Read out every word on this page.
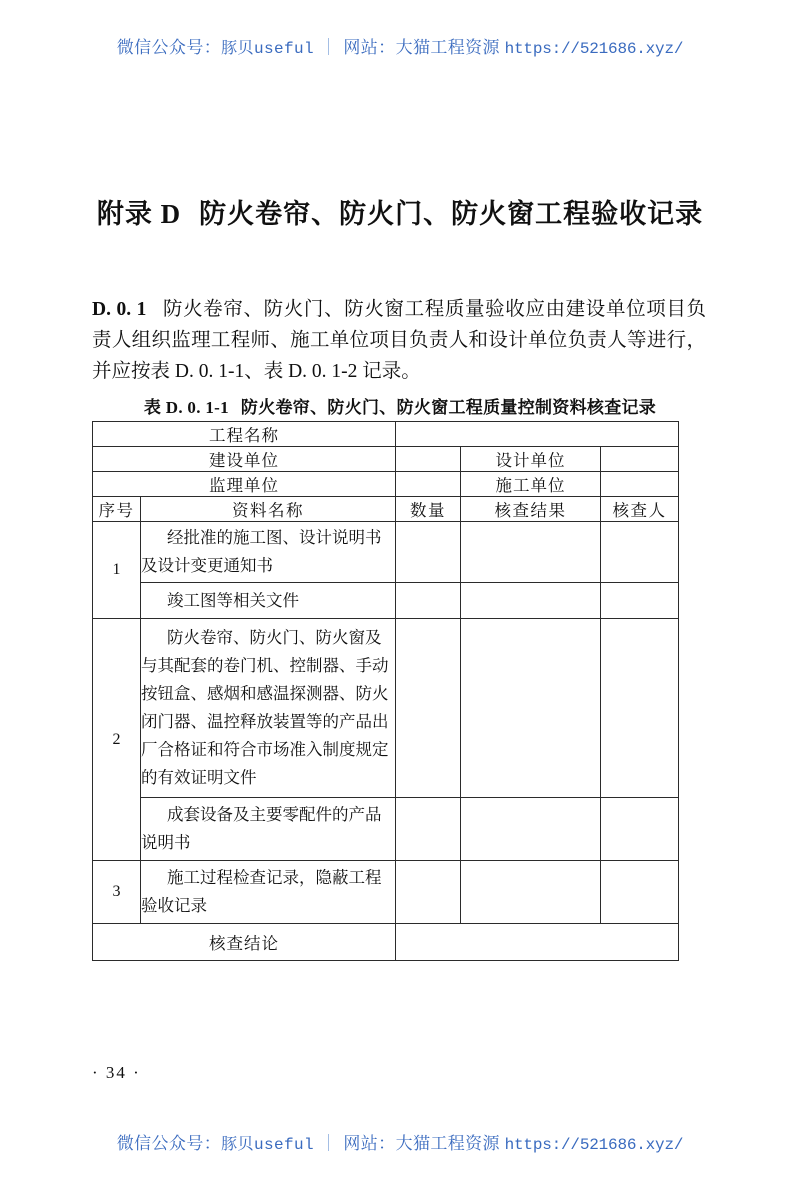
微信公众号：豚贝useful ｜ 网站：大猫工程资源 https://521686.xyz/
附录 D 防火卷帘、防火门、防火窗工程验收记录
D. 0. 1 防火卷帘、防火门、防火窗工程质量验收应由建设单位项目负责人组织监理工程师、施工单位项目负责人和设计单位负责人等进行，并应按表 D. 0. 1-1、表 D. 0. 1-2 记录。
表 D. 0. 1-1 防火卷帘、防火门、防火窗工程质量控制资料核查记录
工程名称				
建设单位			设计单位	
监理单位			施工单位	
序号	资料名称	数量	核查结果	核查人
1	经批准的施工图、设计说明书及设计变更通知书			
	竣工图等相关文件			
2	防火卷帘、防火门、防火窗及与其配套的卷门机、控制器、手动按钮盒、感烟和感温探测器、防火闭门器、温控释放装置等的产品出厂合格证和符合市场准入制度规定的有效证明文件			
	成套设备及主要零配件的产品说明书			
3	施工过程检查记录，隐蔽工程验收记录			
核查结论				
· 34 ·
微信公众号：豚贝useful ｜ 网站：大猫工程资源 https://521686.xyz/
